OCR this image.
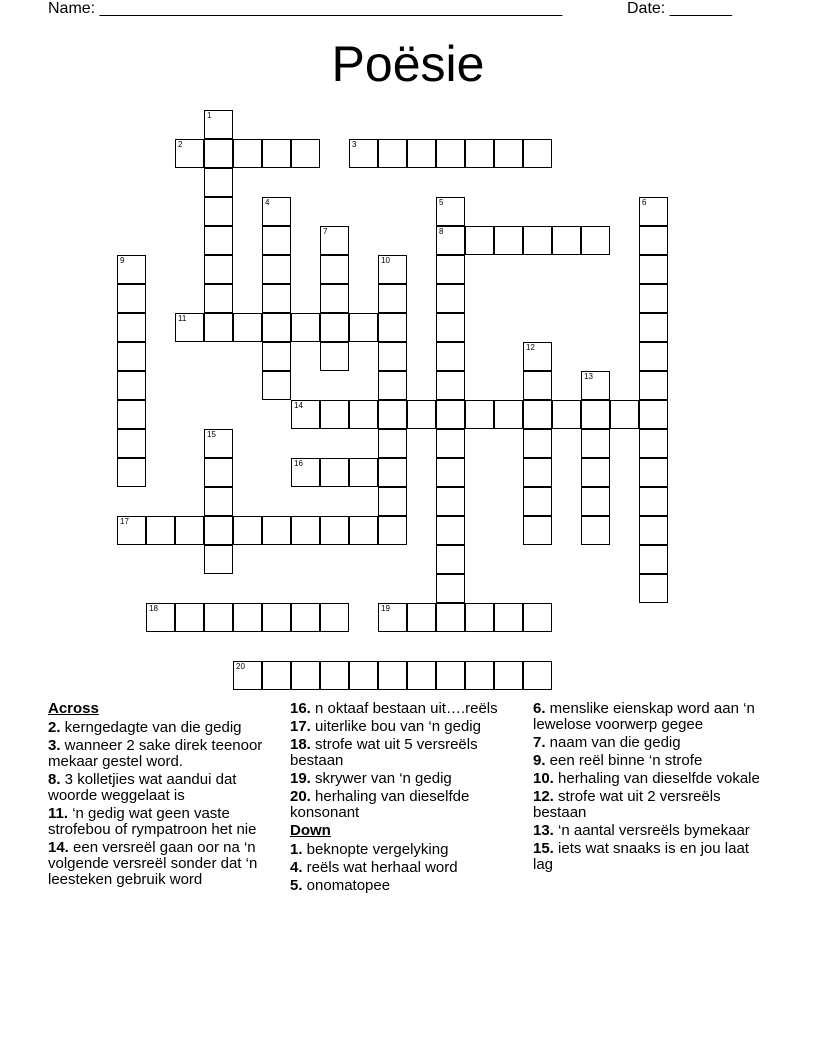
Name: ____________________________________________________	Date: _______
Poësie
2	3
8
11
14
16
17
18	19
20
1
4	5	6
7
9	10
12
13
15
Across
2. kerngedagte van die gedig
3. wanneer 2 sake direk teenoor mekaar gestel word.
8. 3 kolletjies wat aandui dat woorde weggelaat is
11. ‘n gedig wat geen vaste strofebou of rympatroon het nie
14. een versreël gaan oor na ‘n volgende versreël sonder dat ‘n leesteken gebruik word
16. n oktaaf bestaan uit….reëls
17. uiterlike bou van ‘n gedig
18. strofe wat uit 5 versreëls bestaan
19. skrywer van ‘n gedig
20. herhaling van dieselfde konsonant
Down
1. beknopte vergelyking
4. reëls wat herhaal word
5. onomatopee
6. menslike eienskap word aan ‘n lewelose voorwerp gegee
7. naam van die gedig
9. een reël binne ‘n strofe
10. herhaling van dieselfde vokale
12. strofe wat uit 2 versreëls bestaan
13. ‘n aantal versreëls bymekaar
15. iets wat snaaks is en jou laat lag
